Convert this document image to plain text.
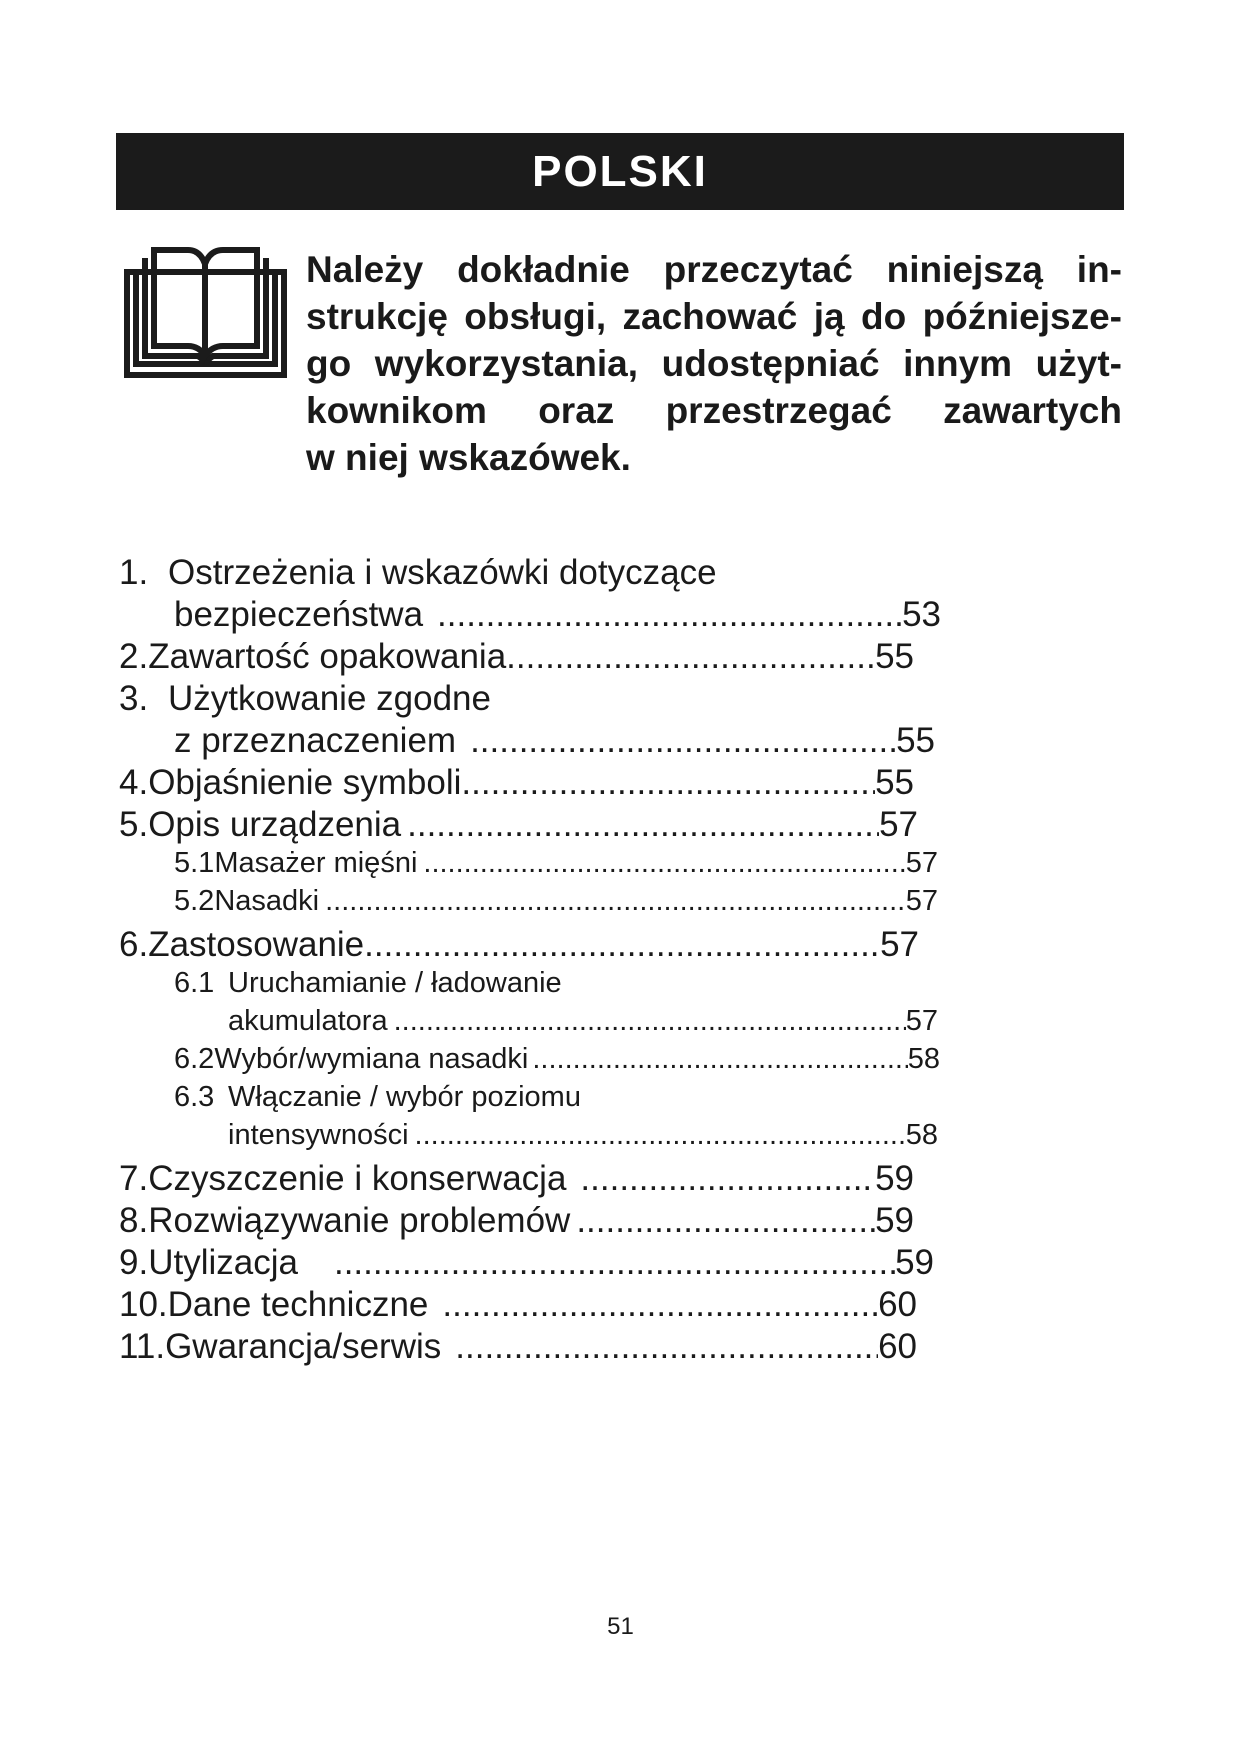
POLSKI
Należy dokładnie przeczytać niniejszą in-
strukcję obsługi, zachować ją do późniejsze-
go wykorzystania, udostępniać innym użyt-
kownikom oraz przestrzegać zawartych
w niej wskazówek.
1. Ostrzeżenia i wskazówki dotyczące
bezpieczeństwa .....	53
2. Zawartość opakowania .....	55
3. Użytkowanie zgodne
z przeznaczeniem .....	55
4. Objaśnienie symboli .....	55
5. Opis urządzenia .....	57
5.1 Masażer mięśni .....	57
5.2 Nasadki .....	57
6. Zastosowanie .....	57
6.1 Uruchamianie / ładowanie
akumulatora .....	57
6.2 Wybór/wymiana nasadki .....	58
6.3 Włączanie / wybór poziomu
intensywności .....	58
7. Czyszczenie i konserwacja .....	59
8. Rozwiązywanie problemów .....	59
9. Utylizacja .....	59
10. Dane techniczne .....	60
11. Gwarancja/serwis .....	60
51
